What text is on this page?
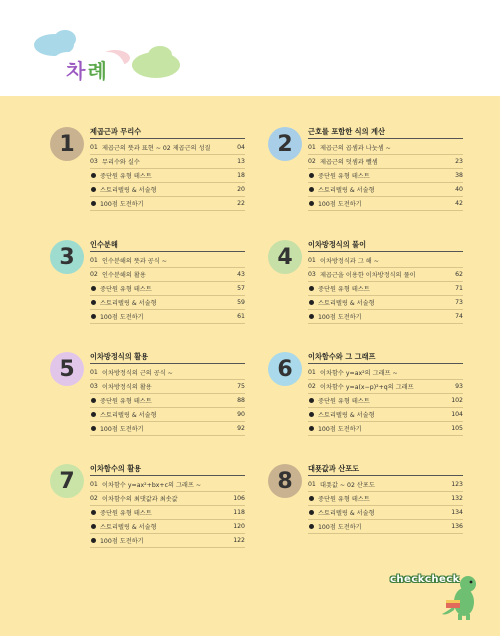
차 례
1	제곱근과 무리수
01 제곱근의 뜻과 표현 ~ 02 제곱근의 성질	04
03 무리수와 실수	13
중단원 유형 테스트	18
스토리텔링 & 서술형	20
100점 도전하기	22
2	근호를 포함한 식의 계산
01 제곱근의 곱셈과 나눗셈 ~
02 제곱근의 덧셈과 뺄셈	23
중단원 유형 테스트	38
스토리텔링 & 서술형	40
100점 도전하기	42
3	인수분해
01 인수분해의 뜻과 공식 ~
02 인수분해의 활용	43
중단원 유형 테스트	57
스토리텔링 & 서술형	59
100점 도전하기	61
4	이차방정식의 풀이
01 이차방정식과 그 해 ~
03 제곱근을 이용한 이차방정식의 풀이	62
중단원 유형 테스트	71
스토리텔링 & 서술형	73
100점 도전하기	74
5	이차방정식의 활용
01 이차방정식의 근의 공식 ~
03 이차방정식의 활용	75
중단원 유형 테스트	88
스토리텔링 & 서술형	90
100점 도전하기	92
6	이차함수와 그 그래프
01 이차함수 y=ax²의 그래프 ~
02 이차함수 y=a(x−p)²+q의 그래프	93
중단원 유형 테스트	102
스토리텔링 & 서술형	104
100점 도전하기	105
7	이차함수의 활용
01 이차함수 y=ax²+bx+c의 그래프 ~
02 이차함수의 최댓값과 최솟값	106
중단원 유형 테스트	118
스토리텔링 & 서술형	120
100점 도전하기	122
8	대푯값과 산포도
01 대푯값 ~ 02 산포도	123
중단원 유형 테스트	132
스토리텔링 & 서술형	134
100점 도전하기	136
checkcheck
